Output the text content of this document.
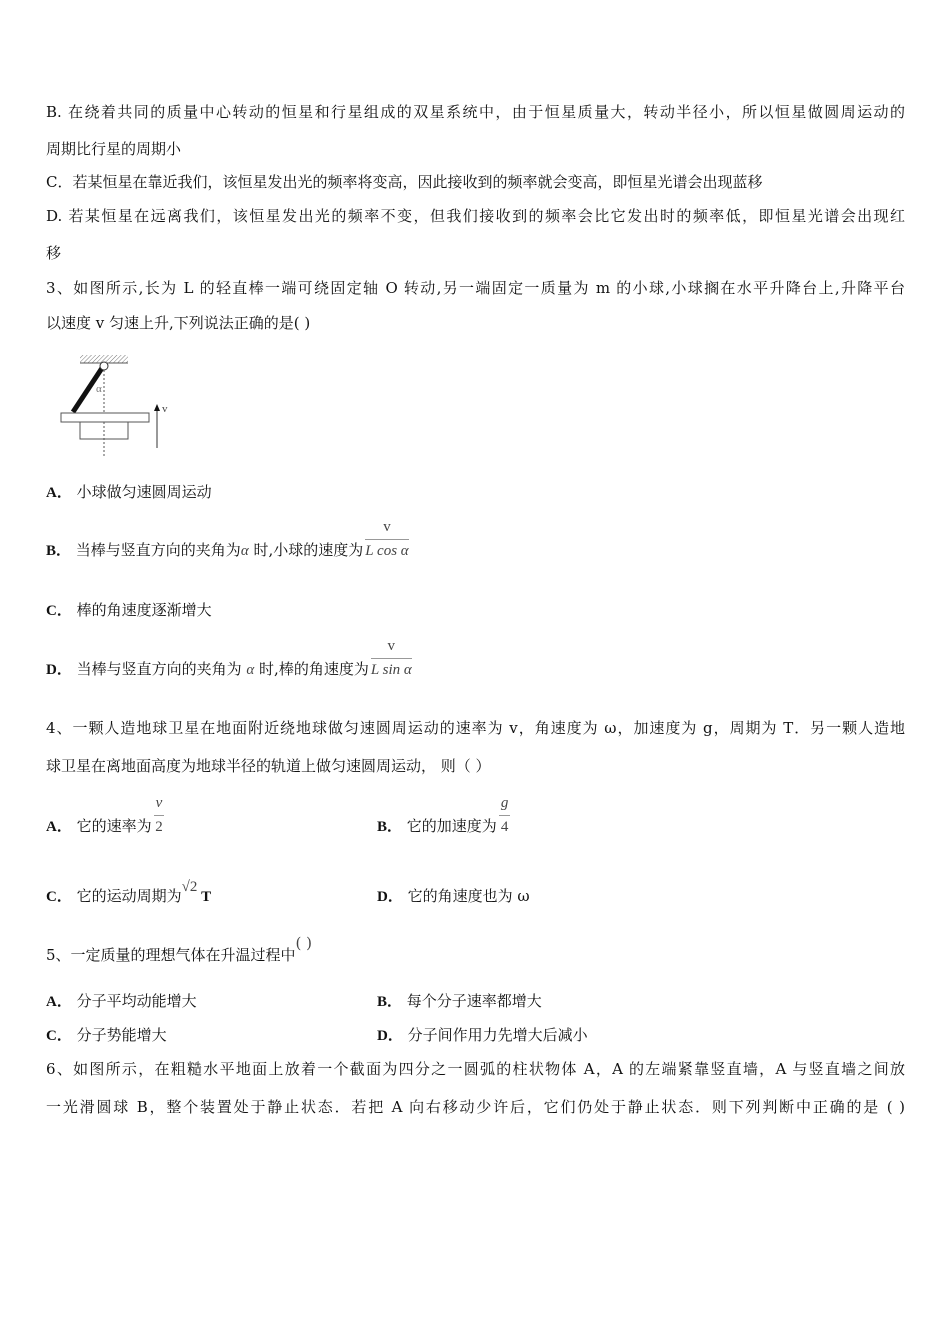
B. 在绕着共同的质量中心转动的恒星和行星组成的双星系统中，由于恒星质量大，转动半径小，所以恒星做圆周运动的
周期比行星的周期小
C．若某恒星在靠近我们，该恒星发出光的频率将变高，因此接收到的频率就会变高，即恒星光谱会出现蓝移
D. 若某恒星在远离我们，该恒星发出光的频率不变，但我们接收到的频率会比它发出时的频率低，即恒星光谱会出现红
移
3、如图所示,长为 L 的轻直棒一端可绕固定轴 O 转动,另一端固定一质量为 m 的小球,小球搁在水平升降台上,升降平台
以速度 v 匀速上升,下列说法正确的是( )
α
v
A． 小球做匀速圆周运动
B． 当棒与竖直方向的夹角为α 时,小球的速度为 $\frac{v}{\text{L cos α}}$
C． 棒的角速度逐渐增大
D． 当棒与竖直方向的夹角为 α 时,棒的角速度为 $\frac{v}{\text{L sin α}}$
4、一颗人造地球卫星在地面附近绕地球做匀速圆周运动的速率为 v，角速度为 ω，加速度为 g，周期为 T．另一颗人造地
球卫星在离地面高度为地球半径的轨道上做匀速圆周运动， 则（ ）
A． 它的速率为 $\frac{v}{2}$	B． 它的加速度为 $\frac{g}{4}$
C． 它的运动周期为√2 T	D． 它的角速度也为 ω
5、一定质量的理想气体在升温过程中( )
A． 分子平均动能增大	B． 每个分子速率都增大
C． 分子势能增大	D． 分子间作用力先增大后减小
6、如图所示，在粗糙水平地面上放着一个截面为四分之一圆弧的柱状物体 A，A 的左端紧靠竖直墙，A 与竖直墙之间放
一光滑圆球 B，整个装置处于静止状态．若把 A 向右移动少许后，它们仍处于静止状态．则下列判断中正确的是 ( )
